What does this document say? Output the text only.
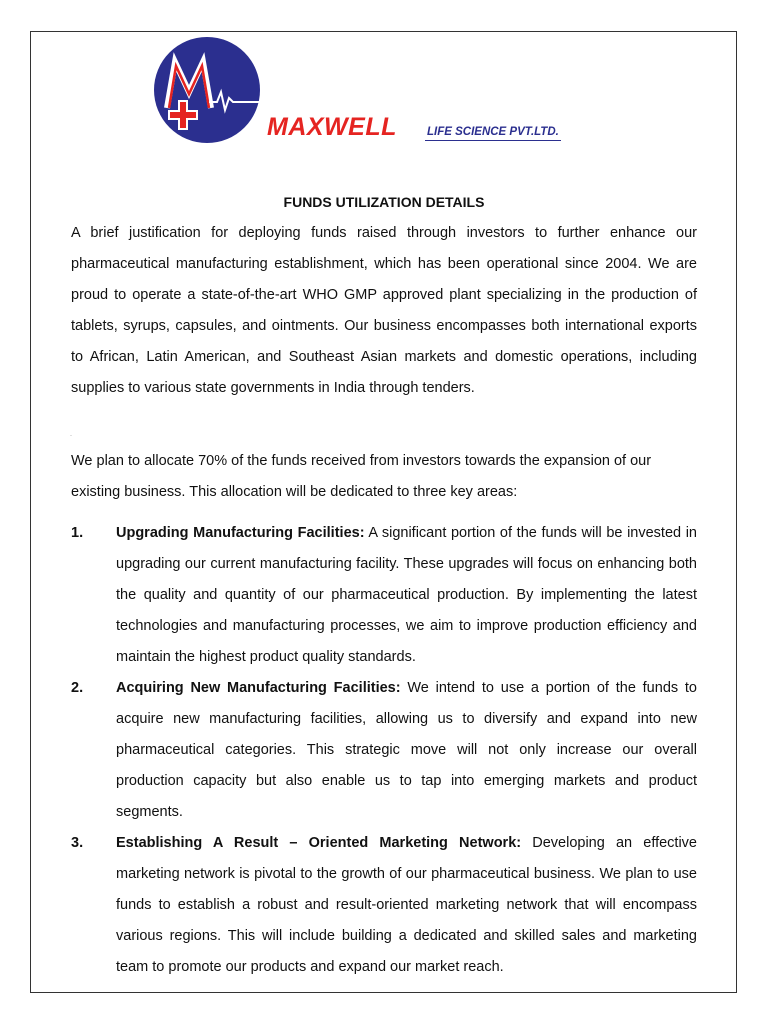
MAXWELL	LIFE SCIENCE PVT.LTD.
FUNDS UTILIZATION DETAILS
A brief justification for deploying funds raised through investors to further enhance our pharmaceutical manufacturing establishment, which has been operational since 2004. We are proud to operate a state-of-the-art WHO GMP approved plant specializing in the production of tablets, syrups, capsules, and ointments. Our business encompasses both international exports to African, Latin American, and Southeast Asian markets and domestic operations, including supplies to various state governments in India through tenders.
·
We plan to allocate 70% of the funds received from investors towards the expansion of our existing business. This allocation will be dedicated to three key areas:
1. Upgrading Manufacturing Facilities: A significant portion of the funds will be invested in upgrading our current manufacturing facility. These upgrades will focus on enhancing both the quality and quantity of our pharmaceutical production. By implementing the latest technologies and manufacturing processes, we aim to improve production efficiency and maintain the highest product quality standards.
2. Acquiring New Manufacturing Facilities: We intend to use a portion of the funds to acquire new manufacturing facilities, allowing us to diversify and expand into new pharmaceutical categories. This strategic move will not only increase our overall production capacity but also enable us to tap into emerging markets and product segments.
3. Establishing A Result – Oriented Marketing Network: Developing an effective marketing network is pivotal to the growth of our pharmaceutical business. We plan to use funds to establish a robust and result-oriented marketing network that will encompass various regions. This will include building a dedicated and skilled sales and marketing team to promote our products and expand our market reach.
